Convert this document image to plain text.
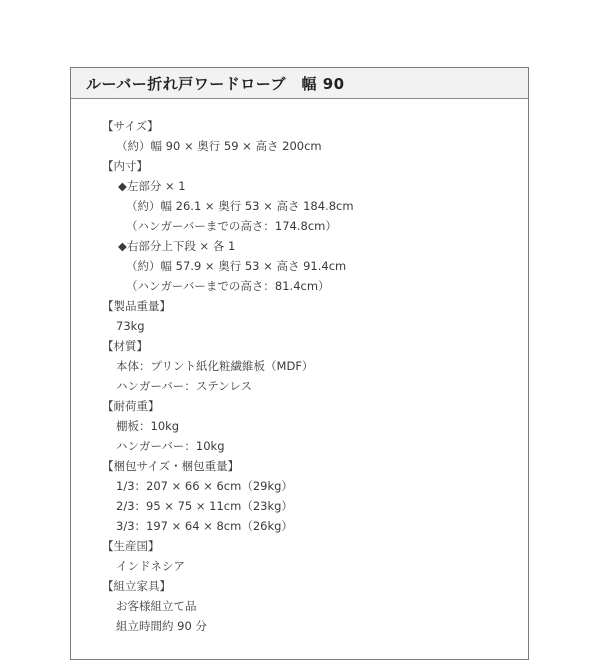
ルーバー折れ戸ワードローブ　幅 90
【サイズ】
（約）幅 90 × 奥行 59 × 高さ 200cm
【内寸】
◆左部分 × 1
（約）幅 26.1 × 奥行 53 × 高さ 184.8cm
（ハンガーバーまでの高さ：174.8cm）
◆右部分上下段 × 各 1
（約）幅 57.9 × 奥行 53 × 高さ 91.4cm
（ハンガーバーまでの高さ：81.4cm）
【製品重量】
73kg
【材質】
本体：プリント紙化粧繊維板（MDF）
ハンガーバー：ステンレス
【耐荷重】
棚板：10kg
ハンガーバー：10kg
【梱包サイズ・梱包重量】
1/3：207 × 66 × 6cm（29kg）
2/3：95 × 75 × 11cm（23kg）
3/3：197 × 64 × 8cm（26kg）
【生産国】
インドネシア
【組立家具】
お客様組立て品
組立時間約 90 分
